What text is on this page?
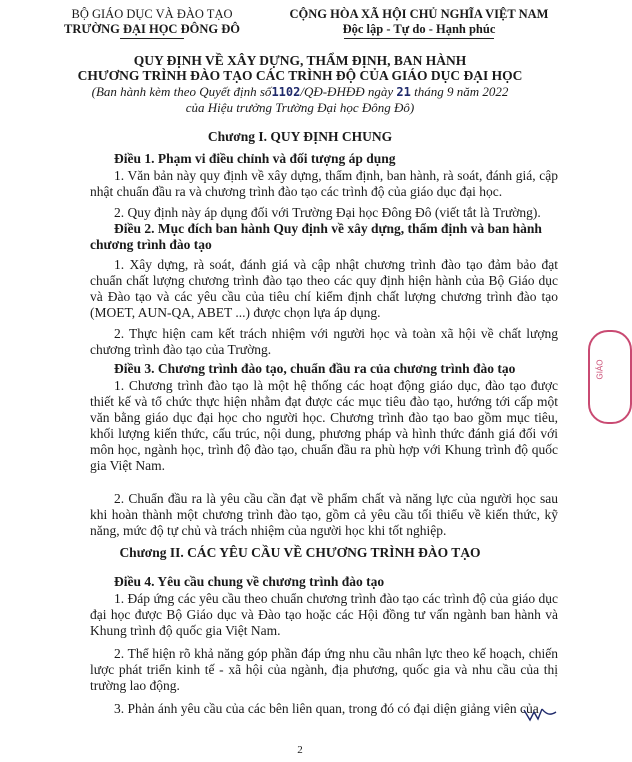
BỘ GIÁO DỤC VÀ ĐÀO TẠO
TRƯỜNG ĐẠI HỌC ĐÔNG ĐÔ
CỘNG HÒA XÃ HỘI CHỦ NGHĨA VIỆT NAM
Độc lập - Tự do - Hạnh phúc
QUY ĐỊNH VỀ XÂY DỰNG, THẨM ĐỊNH, BAN HÀNH
CHƯƠNG TRÌNH ĐÀO TẠO CÁC TRÌNH ĐỘ CỦA GIÁO DỤC ĐẠI HỌC
(Ban hành kèm theo Quyết định số1102/QĐ-ĐHĐĐ ngày 21 tháng 9 năm 2022
của Hiệu trưởng Trường Đại học Đông Đô)
Chương I. QUY ĐỊNH CHUNG
Điều 1. Phạm vi điều chỉnh và đối tượng áp dụng
1. Văn bản này quy định về xây dựng, thẩm định, ban hành, rà soát, đánh giá, cập nhật chuẩn đầu ra và chương trình đào tạo các trình độ của giáo dục đại học.
2. Quy định này áp dụng đối với Trường Đại học Đông Đô (viết tắt là Trường).
Điều 2. Mục đích ban hành Quy định về xây dựng, thẩm định và ban hành chương trình đào tạo
1. Xây dựng, rà soát, đánh giá và cập nhật chương trình đào tạo đảm bảo đạt chuẩn chất lượng chương trình đào tạo theo các quy định hiện hành của Bộ Giáo dục và Đào tạo và các yêu cầu của tiêu chí kiểm định chất lượng chương trình đào tạo (MOET, AUN-QA, ABET ...) được chọn lựa áp dụng.
2. Thực hiện cam kết trách nhiệm với người học và toàn xã hội về chất lượng chương trình đào tạo của Trường.
Điều 3. Chương trình đào tạo, chuẩn đầu ra của chương trình đào tạo
1. Chương trình đào tạo là một hệ thống các hoạt động giáo dục, đào tạo được thiết kế và tổ chức thực hiện nhằm đạt được các mục tiêu đào tạo, hướng tới cấp một văn bằng giáo dục đại học cho người học. Chương trình đào tạo bao gồm mục tiêu, khối lượng kiến thức, cấu trúc, nội dung, phương pháp và hình thức đánh giá đối với môn học, ngành học, trình độ đào tạo, chuẩn đầu ra phù hợp với Khung trình độ quốc gia Việt Nam.
2. Chuẩn đầu ra là yêu cầu cần đạt về phẩm chất và năng lực của người học sau khi hoàn thành một chương trình đào tạo, gồm cả yêu cầu tối thiểu về kiến thức, kỹ năng, mức độ tự chủ và trách nhiệm của người học khi tốt nghiệp.
Chương II. CÁC YÊU CẦU VỀ CHƯƠNG TRÌNH ĐÀO TẠO
Điều 4. Yêu cầu chung về chương trình đào tạo
1. Đáp ứng các yêu cầu theo chuẩn chương trình đào tạo các trình độ của giáo dục đại học được Bộ Giáo dục và Đào tạo hoặc các Hội đồng tư vấn ngành ban hành và Khung trình độ quốc gia Việt Nam.
2. Thể hiện rõ khả năng góp phần đáp ứng nhu cầu nhân lực theo kế hoạch, chiến lược phát triển kinh tế - xã hội của ngành, địa phương, quốc gia và nhu cầu của thị trường lao động.
3. Phản ánh yêu cầu của các bên liên quan, trong đó có đại diện giảng viên của
GIÁO
2
